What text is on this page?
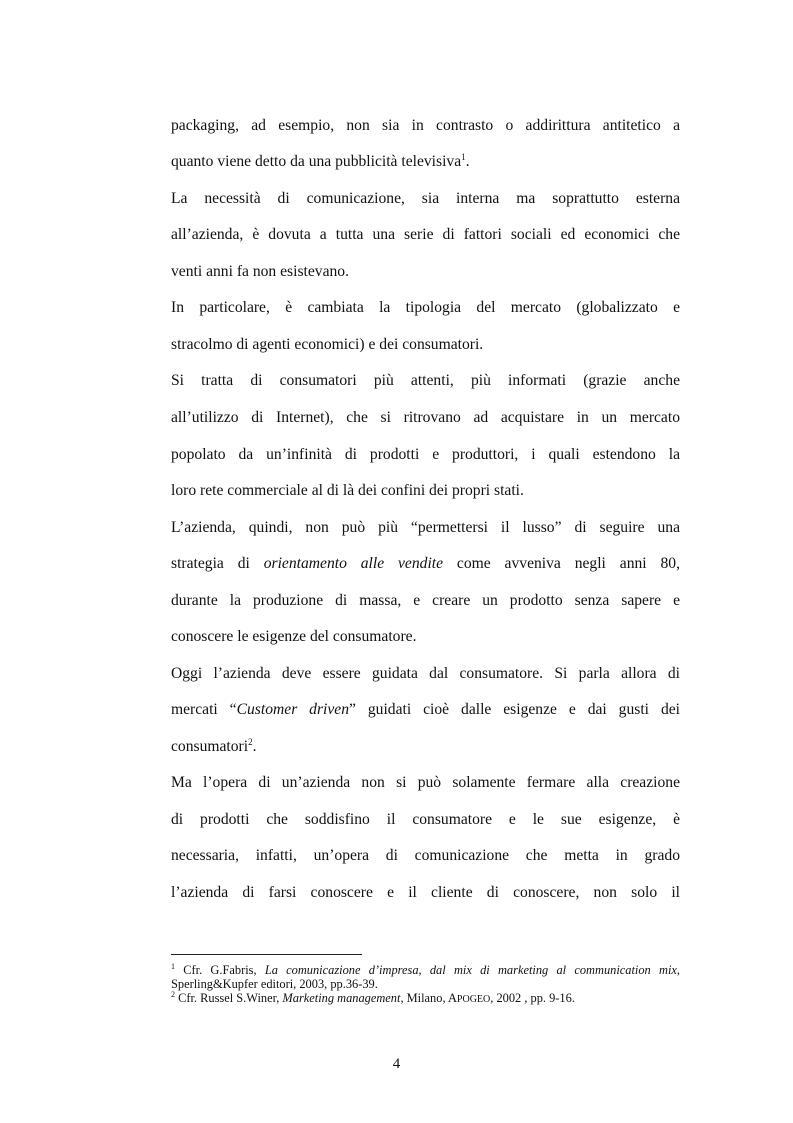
packaging, ad esempio, non sia in contrasto o addirittura antitetico a
quanto viene detto da una pubblicità televisiva$^1$.
La necessità di comunicazione, sia interna ma soprattutto esterna
all’azienda, è dovuta a tutta una serie di fattori sociali ed economici che
venti anni fa non esistevano.
In particolare, è cambiata la tipologia del mercato (globalizzato e
stracolmo di agenti economici) e dei consumatori.
Si tratta di consumatori più attenti, più informati (grazie anche
all’utilizzo di Internet), che si ritrovano ad acquistare in un mercato
popolato da un’infinità di prodotti e produttori, i quali estendono la
loro rete commerciale al di là dei confini dei propri stati.
L’azienda, quindi, non può più “permettersi il lusso” di seguire una
strategia di orientamento alle vendite come avveniva negli anni 80,
durante la produzione di massa, e creare un prodotto senza sapere e
conoscere le esigenze del consumatore.
Oggi l’azienda deve essere guidata dal consumatore. Si parla allora di
mercati “Customer driven” guidati cioè dalle esigenze e dai gusti dei
consumatori$^2$.
Ma l’opera di un’azienda non si può solamente fermare alla creazione
di prodotti che soddisfino il consumatore e le sue esigenze, è
necessaria, infatti, un’opera di comunicazione che metta in grado
l’azienda di farsi conoscere e il cliente di conoscere, non solo il
$^1$ Cfr. G.Fabris, La comunicazione d’impresa, dal mix di marketing al communication mix,
Sperling&Kupfer editori, 2003, pp.36-39.
$^2$ Cfr. Russel S.Winer, Marketing management, Milano, APOGEO, 2002 , pp. 9-16.
4
